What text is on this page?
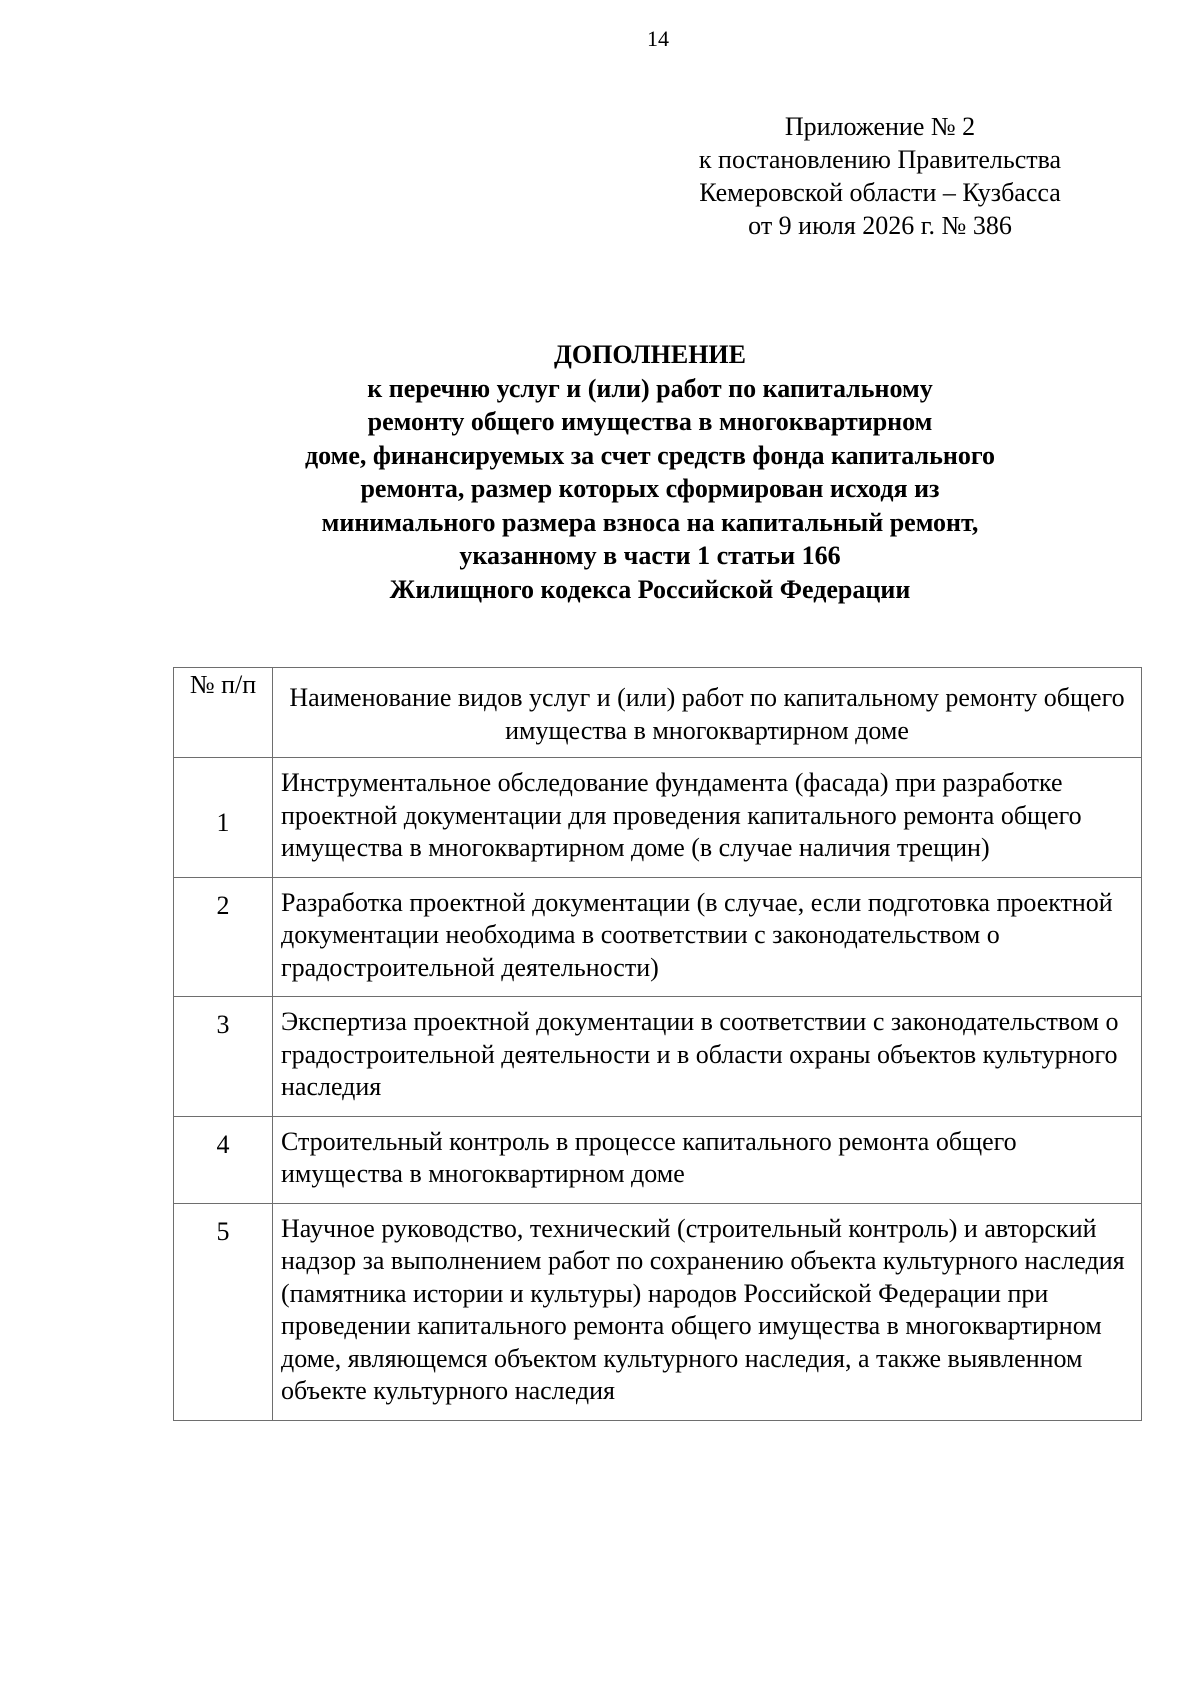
14
Приложение № 2
к постановлению Правительства
Кемеровской области – Кузбасса
от 9 июля 2026 г. № 386
ДОПОЛНЕНИЕ
к перечню услуг и (или) работ по капитальному
ремонту общего имущества в многоквартирном
доме, финансируемых за счет средств фонда капитального
ремонта, размер которых сформирован исходя из
минимального размера взноса на капитальный ремонт,
указанному в части 1 статьи 166
Жилищного кодекса Российской Федерации
№ п/п	Наименование видов услуг и (или) работ по капитальному ремонту общего имущества в многоквартирном доме
1	Инструментальное обследование фундамента (фасада) при разработке проектной документации для проведения капитального ремонта общего имущества в многоквартирном доме (в случае наличия трещин)
2	Разработка проектной документации (в случае, если подготовка проектной документации необходима в соответствии с законодательством о градостроительной деятельности)
3	Экспертиза проектной документации в соответствии с законодательством о градостроительной деятельности и в области охраны объектов культурного наследия
4	Строительный контроль в процессе капитального ремонта общего имущества в многоквартирном доме
5	Научное руководство, технический (строительный контроль) и авторский надзор за выполнением работ по сохранению объекта культурного наследия (памятника истории и культуры) народов Российской Федерации при проведении капитального ремонта общего имущества в многоквартирном доме, являющемся объектом культурного наследия, а также выявленном объекте культурного наследия
